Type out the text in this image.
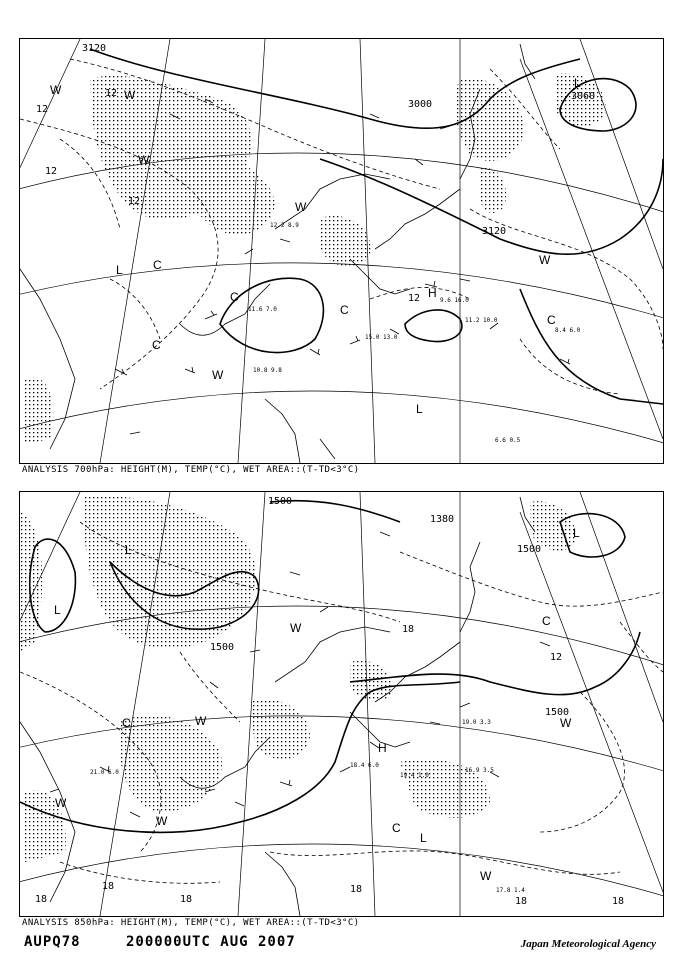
10.8 9.8
11.6 7.0
12.2 8.9
9.6 16.0
15.0 13.0
11.2 10.0
6.6 0.5
8.4 6.0
3120
3000
3120
3060
12
12
12
12
12
W	W
W
W
W
W
C
C
C
C
L
L
H
L
C
ANALYSIS 700hPa: HEIGHT(M), TEMP(°C), WET AREA::(T-TD<3°C)
19.0 3.3
16.9 3.5
17.8 1.4
21.0 6.0
18.4 6.0
19.4 1.0
1500
1500
1500
1500
1380
18
18
18
18
18	18
12
18
L
L
W
W
W
W
W
C
C
H
L
W
L
C
ANALYSIS 850hPa: HEIGHT(M), TEMP(°C), WET AREA::(T-TD<3°C)
AUPQ78	200000UTC AUG 2007	Japan Meteorological Agency
